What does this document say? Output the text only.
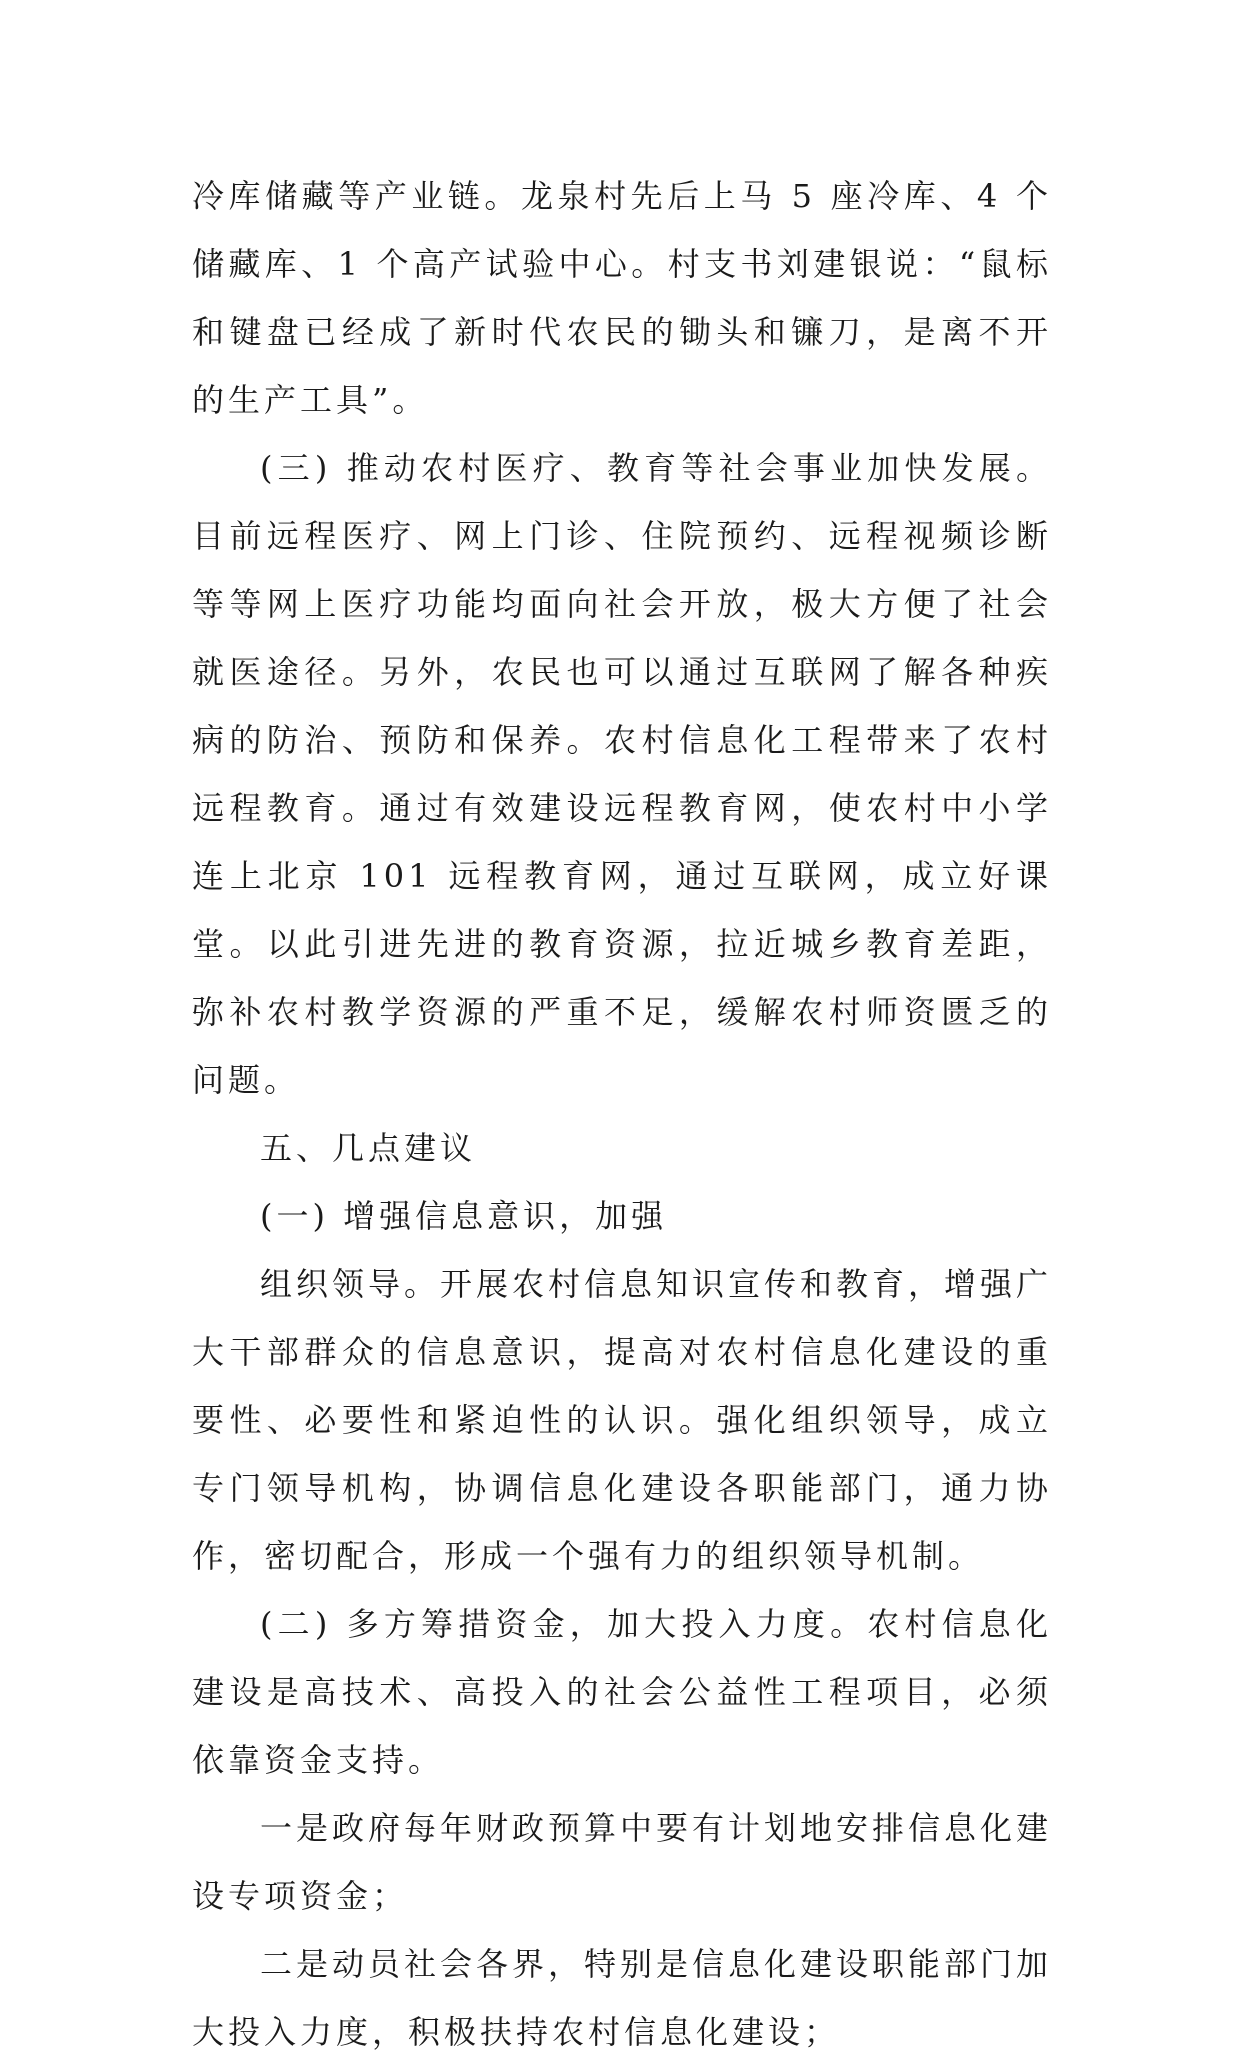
冷库储藏等产业链。龙泉村先后上马 5 座冷库、4 个储藏库、1 个高产试验中心。村支书刘建银说：“鼠标和键盘已经成了新时代农民的锄头和镰刀，是离不开的生产工具”。

(三) 推动农村医疗、教育等社会事业加快发展。目前远程医疗、网上门诊、住院预约、远程视频诊断等等网上医疗功能均面向社会开放，极大方便了社会就医途径。另外，农民也可以通过互联网了解各种疾病的防治、预防和保养。农村信息化工程带来了农村远程教育。通过有效建设远程教育网，使农村中小学连上北京 101 远程教育网，通过互联网，成立好课堂。以此引进先进的教育资源，拉近城乡教育差距，弥补农村教学资源的严重不足，缓解农村师资匮乏的问题。

五、几点建议

(一) 增强信息意识，加强

组织领导。开展农村信息知识宣传和教育，增强广大干部群众的信息意识，提高对农村信息化建设的重要性、必要性和紧迫性的认识。强化组织领导，成立专门领导机构，协调信息化建设各职能部门，通力协作，密切配合，形成一个强有力的组织领导机制。

(二) 多方筹措资金，加大投入力度。农村信息化建设是高技术、高投入的社会公益性工程项目，必须依靠资金支持。

一是政府每年财政预算中要有计划地安排信息化建设专项资金；

二是动员社会各界，特别是信息化建设职能部门加大投入力度，积极扶持农村信息化建设；
